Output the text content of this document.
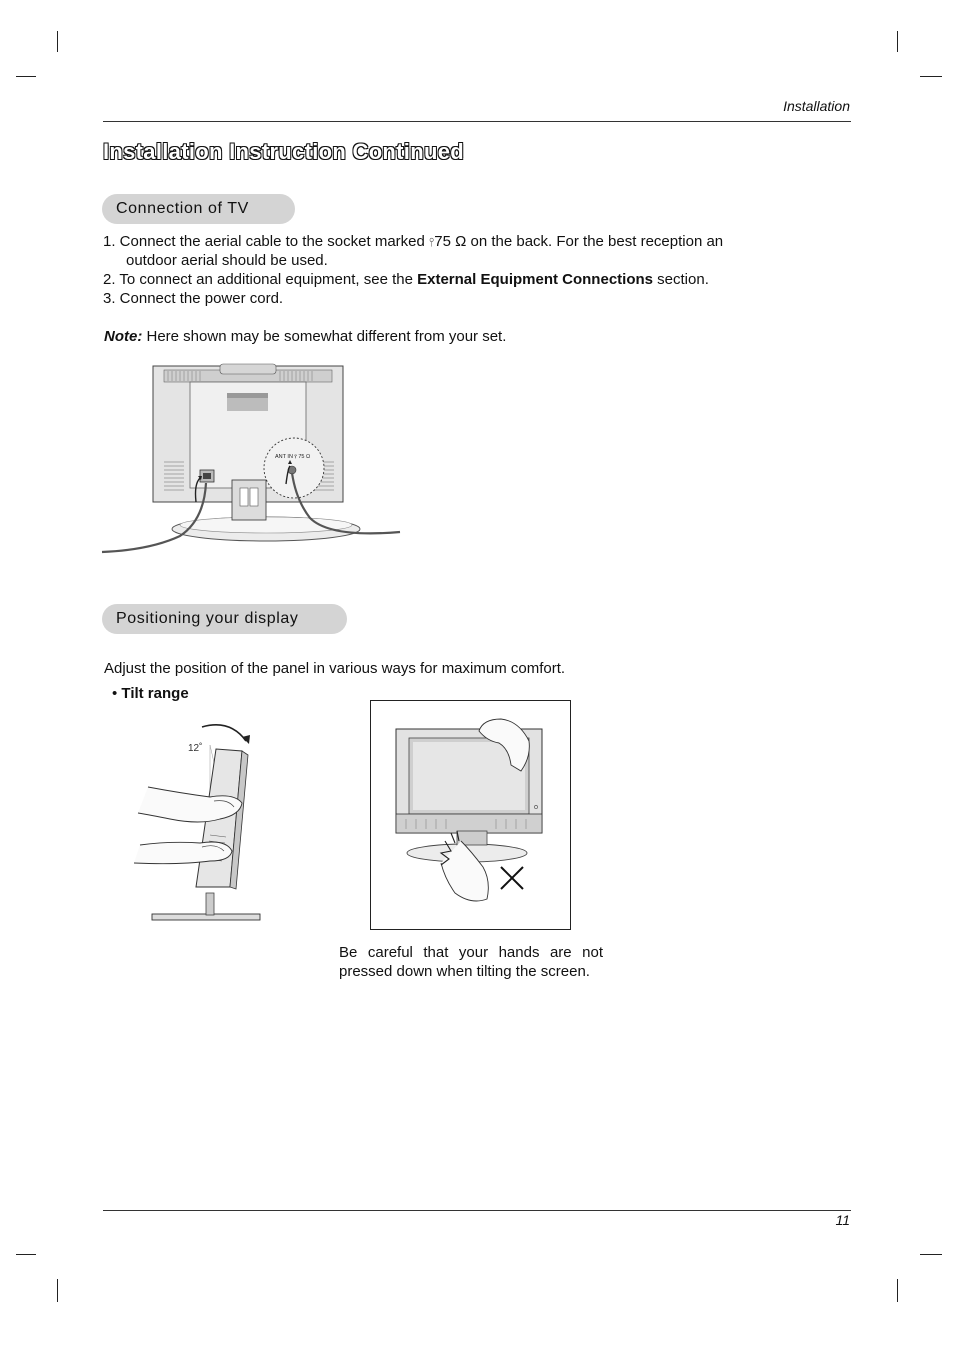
Installation
Installation Instruction Continued
Connection of TV
1. Connect the aerial cable to the socket marked ⫯75 Ω on the back. For the best reception an
outdoor aerial should be used.
2. To connect an additional equipment, see the External Equipment Connections section.
3. Connect the power cord.
Note: Here shown may be somewhat different from your set.
ANT IN ⫯ 75 Ω
Positioning your display
Adjust the position of the panel in various ways for maximum comfort.
• Tilt range
12˚
Be careful that your hands are not
pressed down when tilting the screen.
11
